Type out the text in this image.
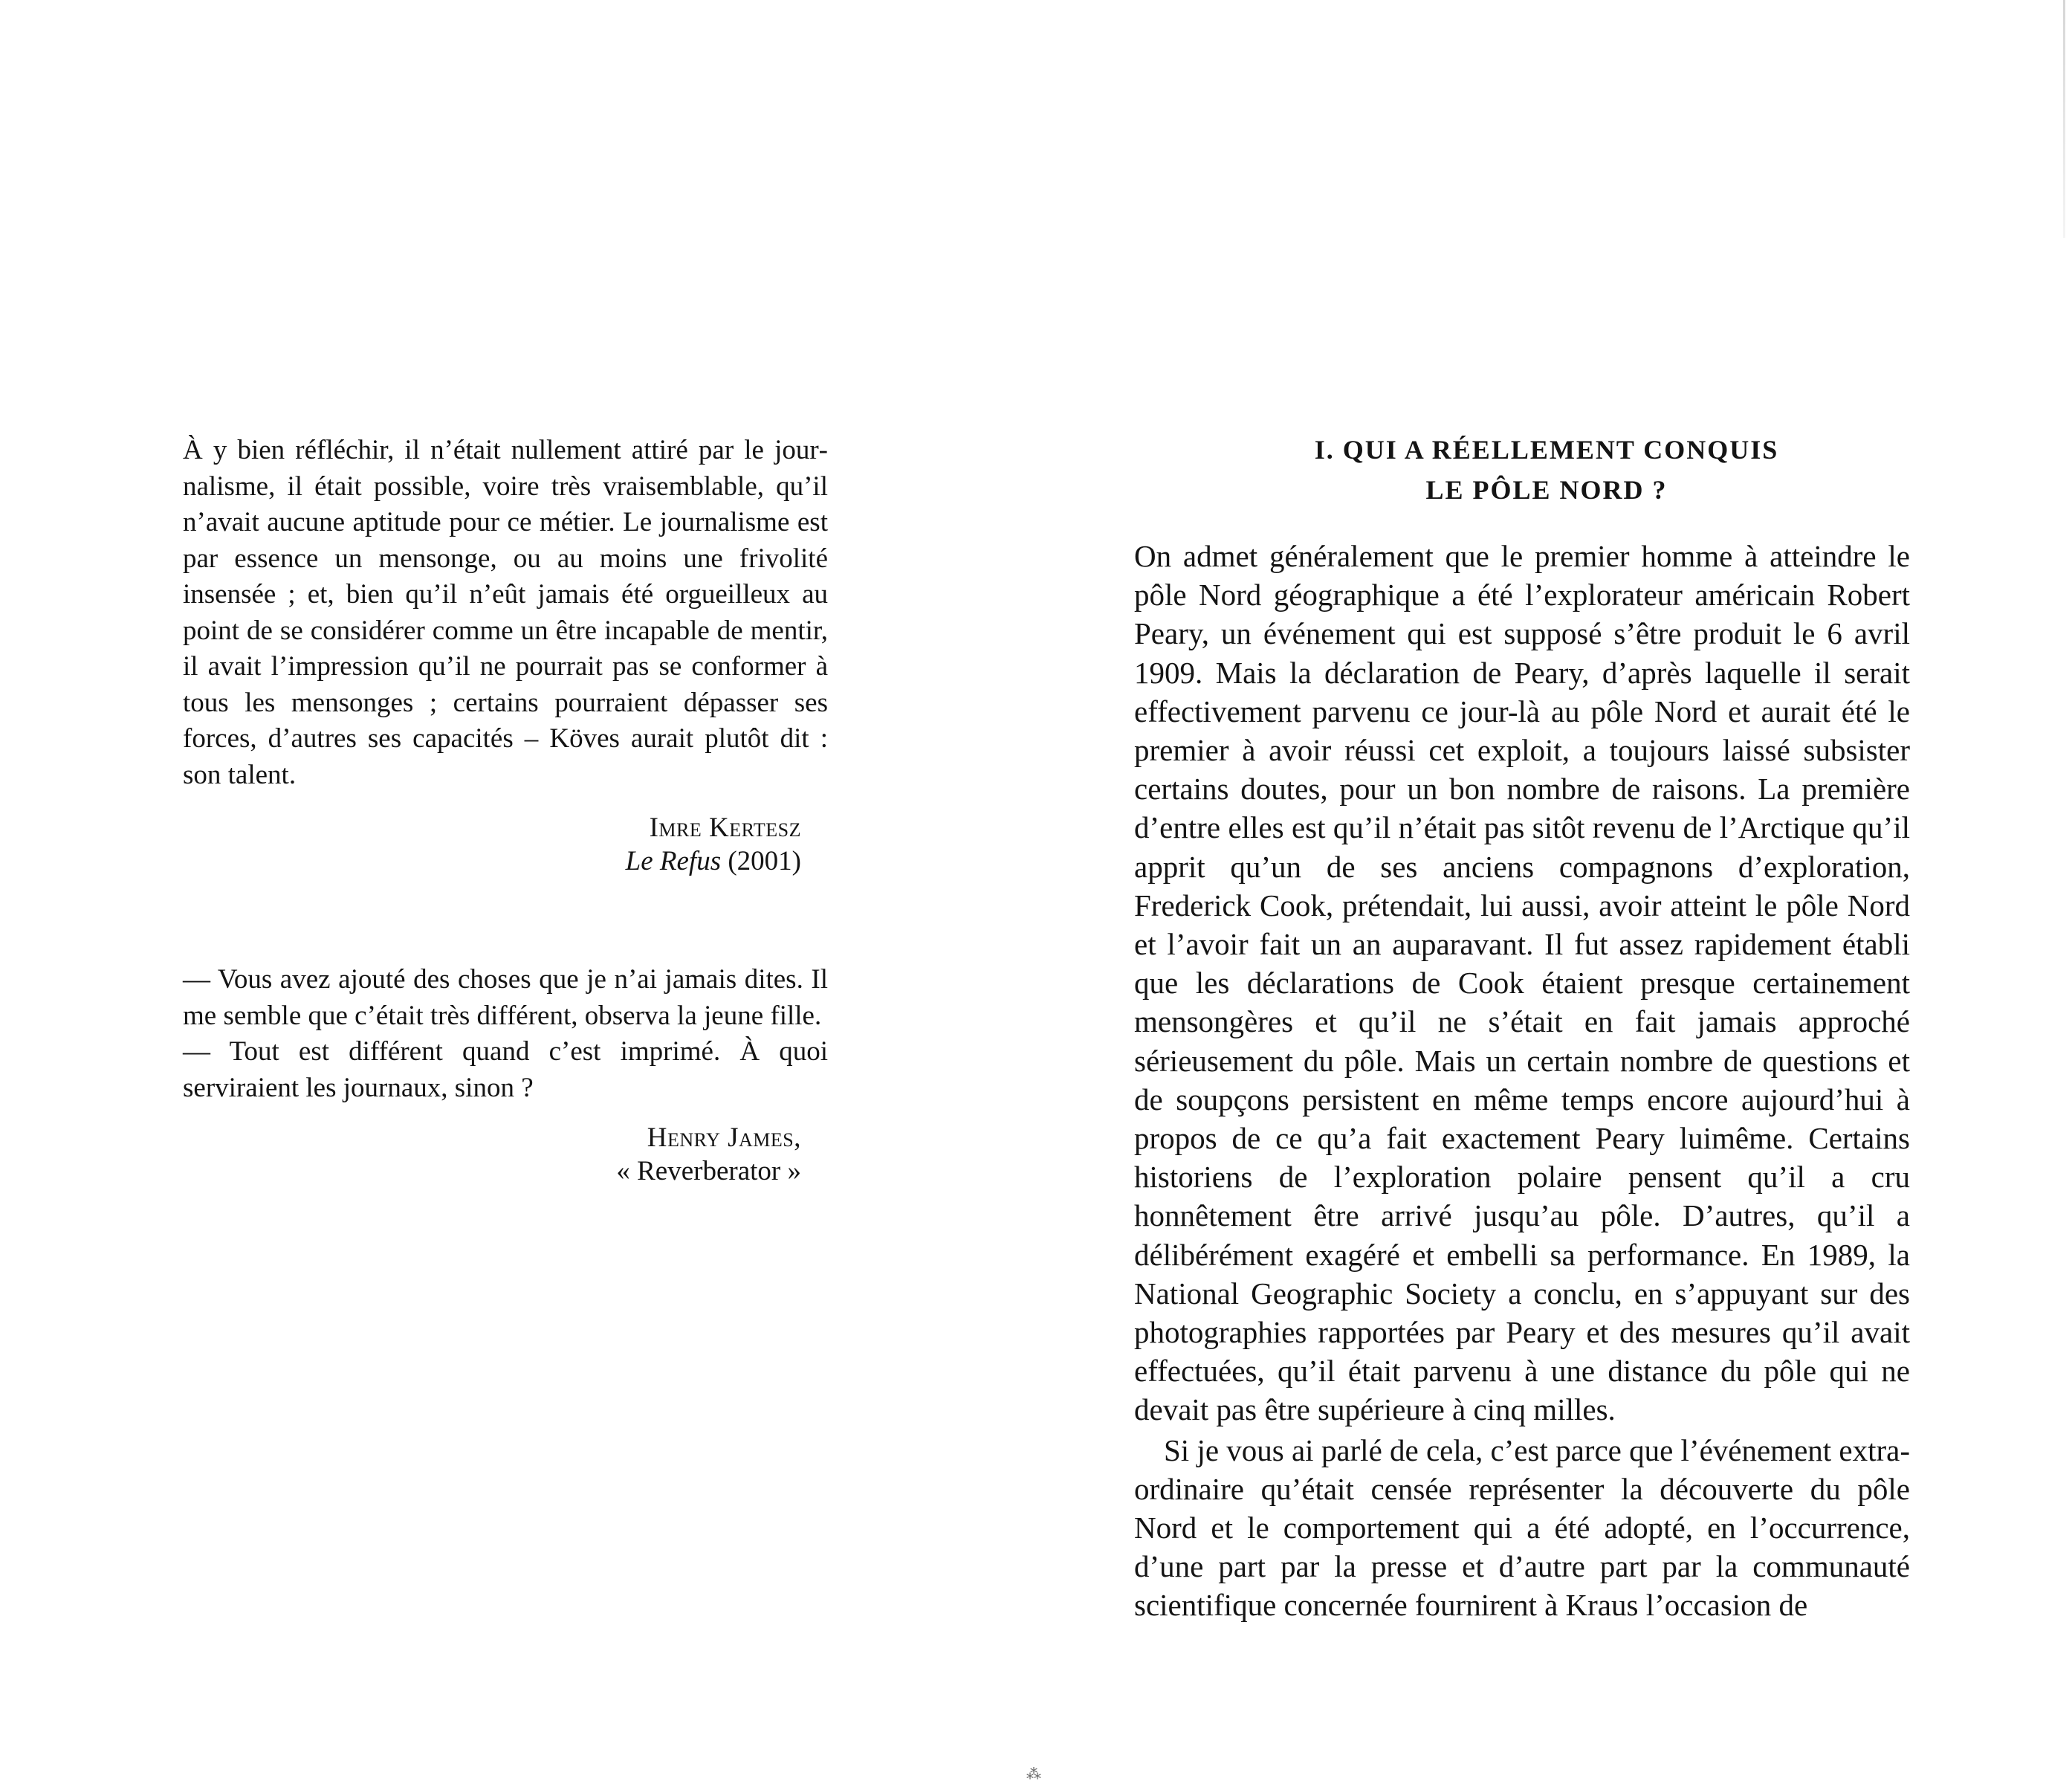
À y bien réfléchir, il n’était nullement attiré par le journalisme, il était possible, voire très vraisemblable, qu’il n’avait aucune aptitude pour ce métier. Le journalisme est par essence un mensonge, ou au moins une frivolité insensée ; et, bien qu’il n’eût jamais été orgueilleux au point de se considérer comme un être incapable de mentir, il avait l’impression qu’il ne pourrait pas se conformer à tous les mensonges ; certains pourraient dépasser ses forces, d’autres ses capacités – Köves aurait plutôt dit : son talent.

Imre Kertesz
Le Refus (2001)

— Vous avez ajouté des choses que je n’ai jamais dites. Il me semble que c’était très différent, observa la jeune fille.

— Tout est différent quand c’est imprimé. À quoi serviraient les journaux, sinon ?

Henry James,
« Reverberator »
I. QUI A RÉELLEMENT CONQUIS
LE PÔLE NORD ?

On admet généralement que le premier homme à atteindre le pôle Nord géographique a été l’explorateur américain Robert Peary, un événement qui est supposé s’être produit le 6 avril 1909. Mais la déclaration de Peary, d’après laquelle il serait effectivement parvenu ce jour-là au pôle Nord et aurait été le premier à avoir réussi cet exploit, a toujours laissé subsister certains doutes, pour un bon nombre de raisons. La première d’entre elles est qu’il n’était pas sitôt revenu de l’Arctique qu’il apprit qu’un de ses anciens compagnons d’exploration, Frederick Cook, prétendait, lui aussi, avoir atteint le pôle Nord et l’avoir fait un an auparavant. Il fut assez rapidement établi que les déclarations de Cook étaient presque certainement mensongères et qu’il ne s’était en fait jamais approché sérieusement du pôle. Mais un certain nombre de questions et de soupçons persistent en même temps encore aujourd’hui à propos de ce qu’a fait exactement Peary luimême. Certains historiens de l’exploration polaire pensent qu’il a cru honnêtement être arrivé jusqu’au pôle. D’autres, qu’il a délibérément exagéré et embelli sa performance. En 1989, la National Geographic Society a conclu, en s’appuyant sur des photographies rapportées par Peary et des mesures qu’il avait effectuées, qu’il était parvenu à une distance du pôle qui ne devait pas être supérieure à cinq milles.

Si je vous ai parlé de cela, c’est parce que l’événement extraordinaire qu’était censée représenter la découverte du pôle Nord et le comportement qui a été adopté, en l’occurrence, d’une part par la presse et d’autre part par la communauté scientifique concernée fournirent à Kraus l’occasion de

⁂
